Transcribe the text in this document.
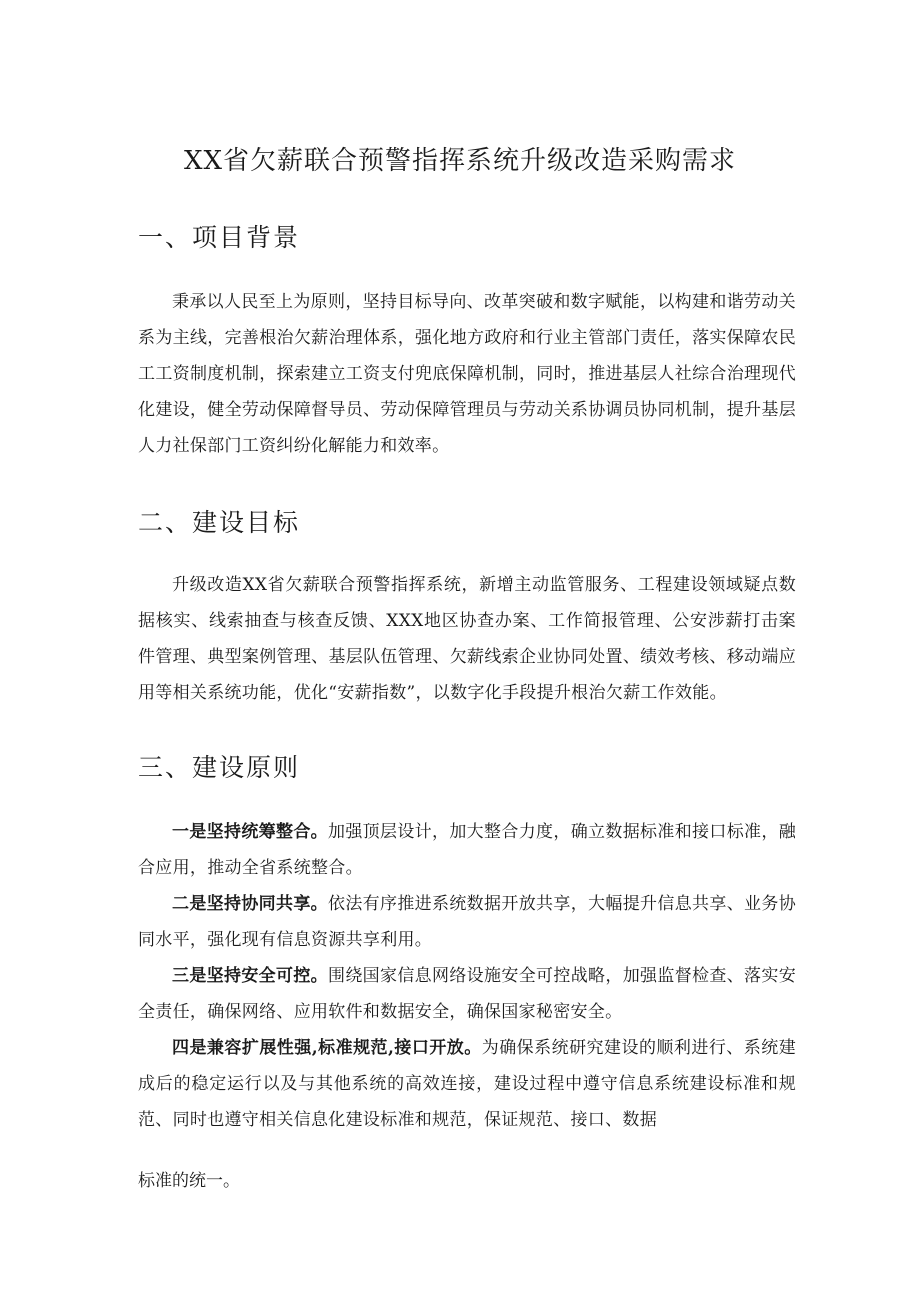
XX省欠薪联合预警指挥系统升级改造采购需求
一、项目背景

秉承以人民至上为原则，坚持目标导向、改革突破和数字赋能，以构建和谐劳动关系为主线，完善根治欠薪治理体系，强化地方政府和行业主管部门责任，落实保障农民工工资制度机制，探索建立工资支付兜底保障机制，同时，推进基层人社综合治理现代化建设，健全劳动保障督导员、劳动保障管理员与劳动关系协调员协同机制，提升基层人力社保部门工资纠纷化解能力和效率。

二、建设目标

升级改造XX省欠薪联合预警指挥系统，新增主动监管服务、工程建设领域疑点数据核实、线索抽查与核查反馈、XXX地区协查办案、工作简报管理、公安涉薪打击案件管理、典型案例管理、基层队伍管理、欠薪线索企业协同处置、绩效考核、移动端应用等相关系统功能，优化“安薪指数”，以数字化手段提升根治欠薪工作效能。

三、建设原则

一是坚持统筹整合。加强顶层设计，加大整合力度，确立数据标准和接口标准，融合应用，推动全省系统整合。

二是坚持协同共享。依法有序推进系统数据开放共享，大幅提升信息共享、业务协同水平，强化现有信息资源共享利用。

三是坚持安全可控。围绕国家信息网络设施安全可控战略，加强监督检查、落实安全责任，确保网络、应用软件和数据安全，确保国家秘密安全。

四是兼容扩展性强,标准规范,接口开放。为确保系统研究建设的顺利进行、系统建成后的稳定运行以及与其他系统的高效连接，建设过程中遵守信息系统建设标准和规范、同时也遵守相关信息化建设标准和规范，保证规范、接口、数据

标准的统一。
